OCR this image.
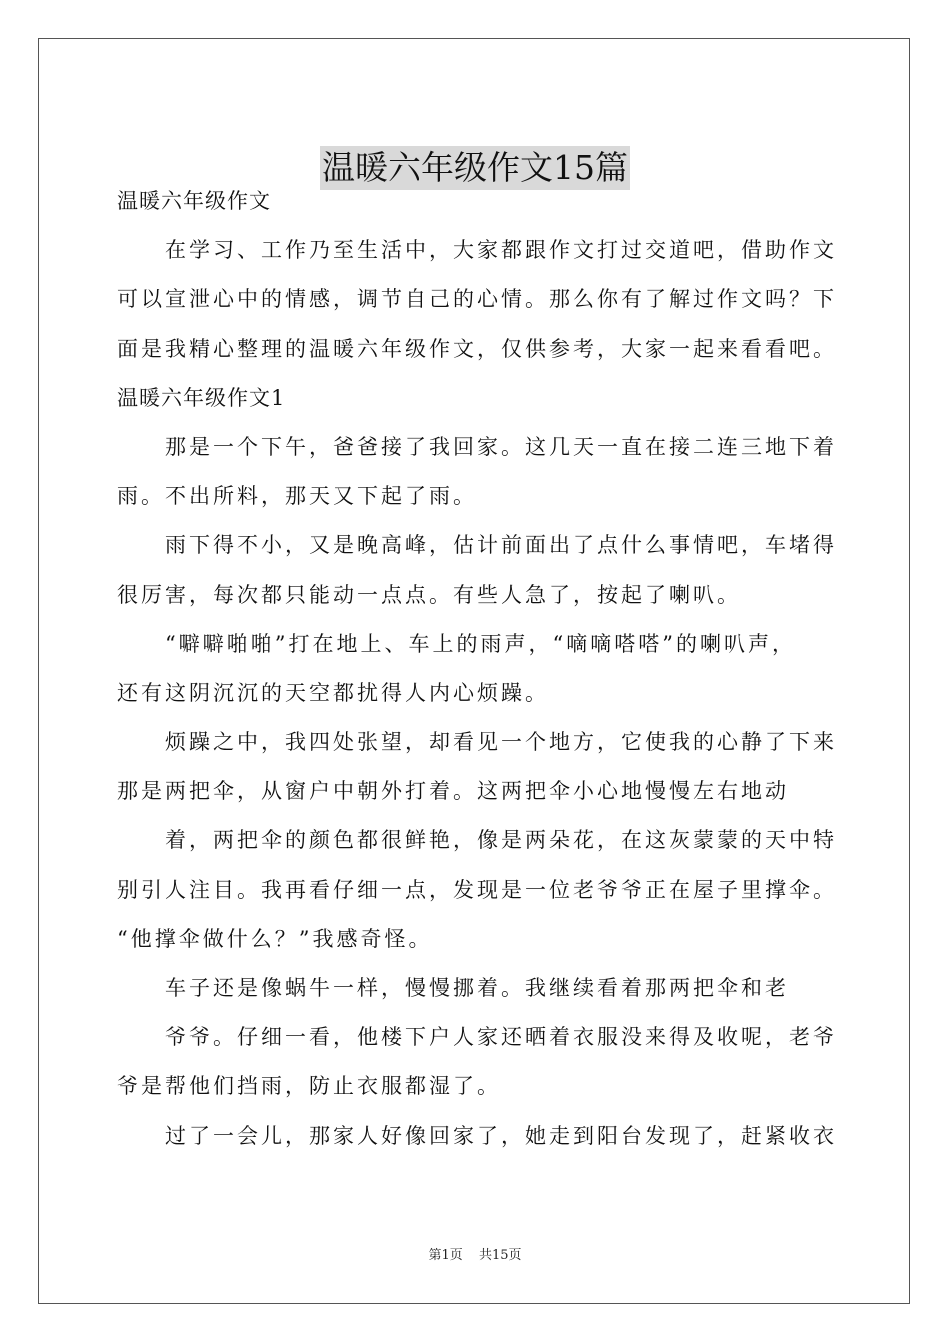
温暖六年级作文15篇
温暖六年级作文
在学习、工作乃至生活中，大家都跟作文打过交道吧，借助作文
可以宣泄心中的情感，调节自己的心情。那么你有了解过作文吗？下
面是我精心整理的温暖六年级作文，仅供参考，大家一起来看看吧。
温暖六年级作文1
那是一个下午，爸爸接了我回家。这几天一直在接二连三地下着
雨。不出所料，那天又下起了雨。
雨下得不小，又是晚高峰，估计前面出了点什么事情吧，车堵得
很厉害，每次都只能动一点点。有些人急了，按起了喇叭。
“噼噼啪啪”打在地上、车上的雨声，“嘀嘀嗒嗒”的喇叭声，
还有这阴沉沉的天空都扰得人内心烦躁。
烦躁之中，我四处张望，却看见一个地方，它使我的心静了下来
那是两把伞，从窗户中朝外打着。这两把伞小心地慢慢左右地动
着，两把伞的颜色都很鲜艳，像是两朵花，在这灰蒙蒙的天中特
别引人注目。我再看仔细一点，发现是一位老爷爷正在屋子里撑伞。
“他撑伞做什么？”我感奇怪。
车子还是像蜗牛一样，慢慢挪着。我继续看着那两把伞和老
爷爷。仔细一看，他楼下户人家还晒着衣服没来得及收呢，老爷
爷是帮他们挡雨，防止衣服都湿了。
过了一会儿，那家人好像回家了，她走到阳台发现了，赶紧收衣
第1页 共15页
